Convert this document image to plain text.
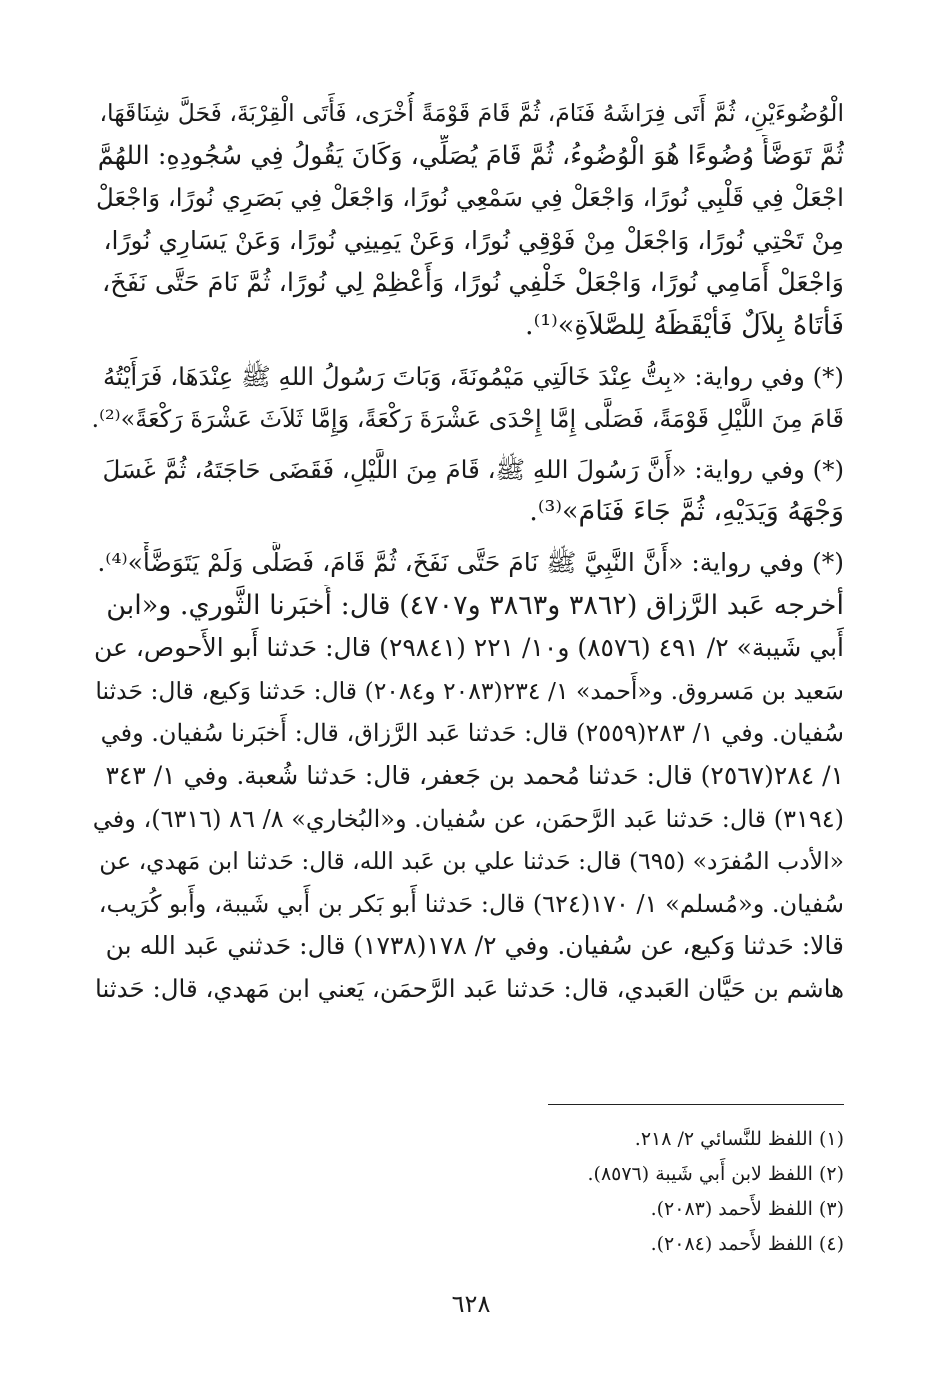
الْوُضُوءَيْنِ، ثُمَّ أَتَى فِرَاشَهُ فَنَامَ، ثُمَّ قَامَ قَوْمَةً أُخْرَى، فَأَتَى الْقِرْبَةَ، فَحَلَّ شِنَاقَهَا،
ثُمَّ تَوَضَّأَ وُضُوءًا هُوَ الْوُضُوءُ، ثُمَّ قَامَ يُصَلِّي، وَكَانَ يَقُولُ فِي سُجُودِهِ: اللهُمَّ
اجْعَلْ فِي قَلْبِي نُورًا، وَاجْعَلْ فِي سَمْعِي نُورًا، وَاجْعَلْ فِي بَصَرِي نُورًا، وَاجْعَلْ
مِنْ تَحْتِي نُورًا، وَاجْعَلْ مِنْ فَوْقِي نُورًا، وَعَنْ يَمِينِي نُورًا، وَعَنْ يَسَارِي نُورًا،
وَاجْعَلْ أَمَامِي نُورًا، وَاجْعَلْ خَلْفِي نُورًا، وَأَعْظِمْ لِي نُورًا، ثُمَّ نَامَ حَتَّى نَفَخَ،
فَأَتَاهُ بِلاَلٌ فَأَيْقَظَهُ لِلصَّلاَةِ»⁽¹⁾.

(*) وفي رواية: «بِتُّ عِنْدَ خَالَتِي مَيْمُونَةَ، وَبَاتَ رَسُولُ اللهِ ﷺ عِنْدَهَا، فَرَأَيْتُهُ
قَامَ مِنَ اللَّيْلِ قَوْمَةً، فَصَلَّى إِمَّا إِحْدَى عَشْرَةَ رَكْعَةً، وَإِمَّا ثَلاَثَ عَشْرَةَ رَكْعَةً»⁽²⁾.

(*) وفي رواية: «أَنَّ رَسُولَ اللهِ ﷺ، قَامَ مِنَ اللَّيْلِ، فَقَضَى حَاجَتَهُ، ثُمَّ غَسَلَ
وَجْهَهُ وَيَدَيْهِ، ثُمَّ جَاءَ فَنَامَ»⁽³⁾.

(*) وفي رواية: «أَنَّ النَّبِيَّ ﷺ نَامَ حَتَّى نَفَخَ، ثُمَّ قَامَ، فَصَلَّى وَلَمْ يَتَوَضَّأْ»⁽⁴⁾.

أخرجه عَبد الرَّزاق (٣٨٦٢ و٣٨٦٣ و٤٧٠٧) قال: أَخبَرنا الثَّوري. و«ابن
أَبي شَيبة» ٢/ ٤٩١ (٨٥٧٦) و١٠/ ٢٢١ (٢٩٨٤١) قال: حَدثنا أَبو الأَحوص، عن
سَعيد بن مَسروق. و«أَحمد» ١/ ٢٣٤(٢٠٨٣ و٢٠٨٤) قال: حَدثنا وَكيع، قال: حَدثنا
سُفيان. وفي ١/ ٢٨٣(٢٥٥٩) قال: حَدثنا عَبد الرَّزاق، قال: أَخبَرنا سُفيان. وفي
١/ ٢٨٤(٢٥٦٧) قال: حَدثنا مُحمد بن جَعفر، قال: حَدثنا شُعبة. وفي ١/ ٣٤٣
(٣١٩٤) قال: حَدثنا عَبد الرَّحمَن، عن سُفيان. و«البُخاري» ٨/ ٨٦ (٦٣١٦)، وفي
«الأدب المُفرَد» (٦٩٥) قال: حَدثنا علي بن عَبد الله، قال: حَدثنا ابن مَهدي، عن
سُفيان. و«مُسلم» ١/ ١٧٠(٦٢٤) قال: حَدثنا أَبو بَكر بن أَبي شَيبة، وأَبو كُرَيب،
قالا: حَدثنا وَكيع، عن سُفيان. وفي ٢/ ١٧٨(١٧٣٨) قال: حَدثني عَبد الله بن
هاشم بن حَيَّان العَبدي، قال: حَدثنا عَبد الرَّحمَن، يَعني ابن مَهدي، قال: حَدثنا

(١) اللفظ للنَّسائي ٢/ ٢١٨.
(٢) اللفظ لابن أَبي شَيبة (٨٥٧٦).
(٣) اللفظ لأَحمد (٢٠٨٣).
(٤) اللفظ لأَحمد (٢٠٨٤).
٦٢٨
